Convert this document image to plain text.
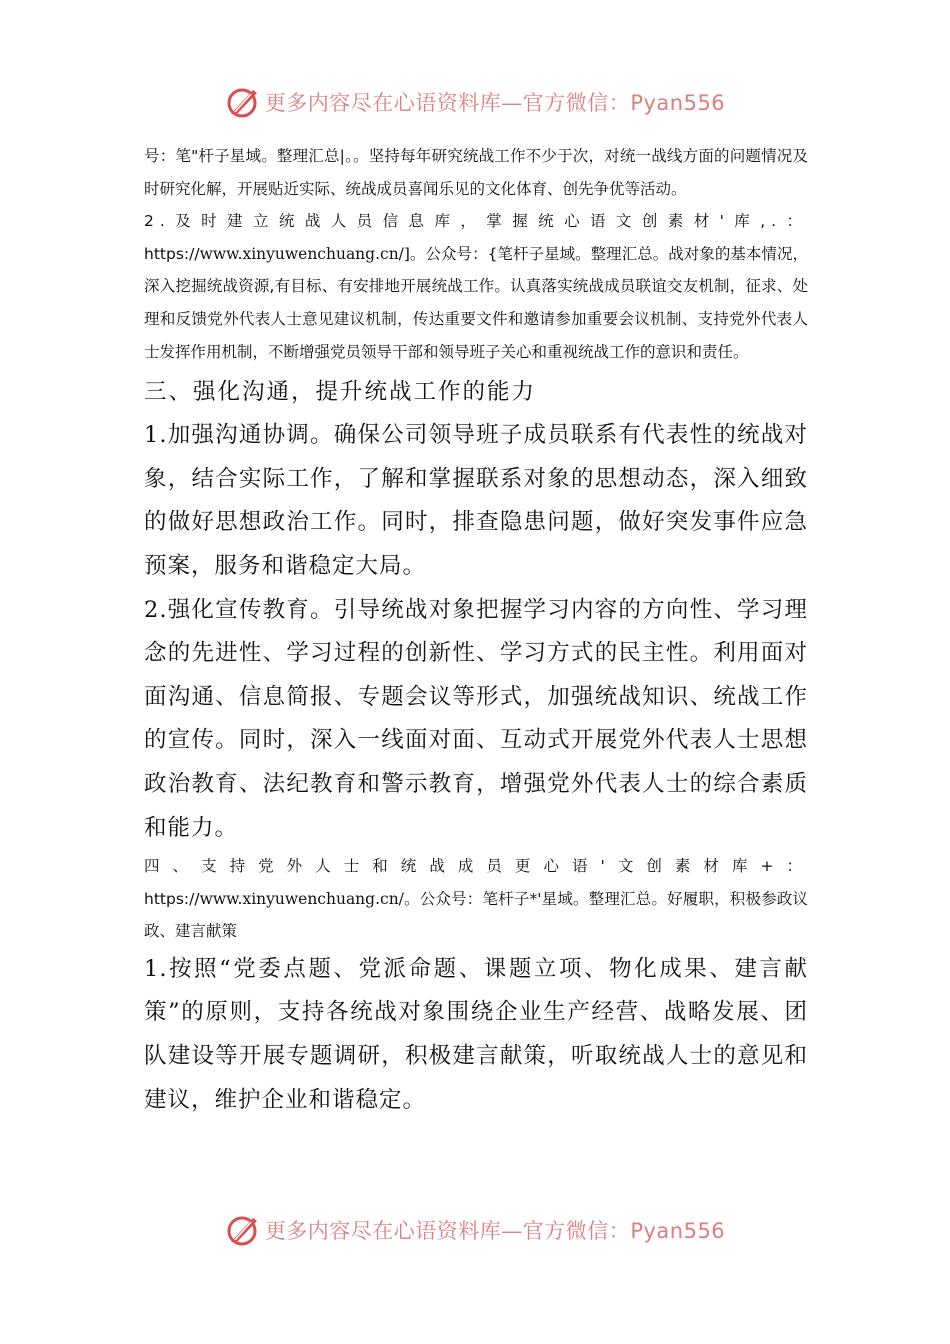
更多内容尽在心语资料库—官方微信：Pyan556

号：笔"杆子星域。整理汇总|。。坚持每年研究统战工作不少于次，对统一战线方面的问题情况及时研究化解，开展贴近实际、统战成员喜闻乐见的文化体育、创先争优等活动。

2.及时建立统战人员信息库，掌握统心语文创素材'库,.：https://www.xinyuwenchuang.cn/]。公众号：{笔杆子星域。整理汇总。战对象的基本情况，深入挖掘统战资源,有目标、有安排地开展统战工作。认真落实统战成员联谊交友机制，征求、处理和反馈党外代表人士意见建议机制，传达重要文件和邀请参加重要会议机制、支持党外代表人士发挥作用机制，不断增强党员领导干部和领导班子关心和重视统战工作的意识和责任。

三、强化沟通，提升统战工作的能力

1.加强沟通协调。确保公司领导班子成员联系有代表性的统战对象，结合实际工作，了解和掌握联系对象的思想动态，深入细致的做好思想政治工作。同时，排查隐患问题，做好突发事件应急预案，服务和谐稳定大局。

2.强化宣传教育。引导统战对象把握学习内容的方向性、学习理念的先进性、学习过程的创新性、学习方式的民主性。利用面对面沟通、信息简报、专题会议等形式，加强统战知识、统战工作的宣传。同时，深入一线面对面、互动式开展党外代表人士思想政治教育、法纪教育和警示教育，增强党外代表人士的综合素质和能力。

四、支持党外人士和统战成员更心语'文创素材库+：https://www.xinyuwenchuang.cn/。公众号：笔杆子*'星域。整理汇总。好履职，积极参政议政、建言献策

1.按照“党委点题、党派命题、课题立项、物化成果、建言献策”的原则，支持各统战对象围绕企业生产经营、战略发展、团队建设等开展专题调研，积极建言献策，听取统战人士的意见和建议，维护企业和谐稳定。

更多内容尽在心语资料库—官方微信：Pyan556
